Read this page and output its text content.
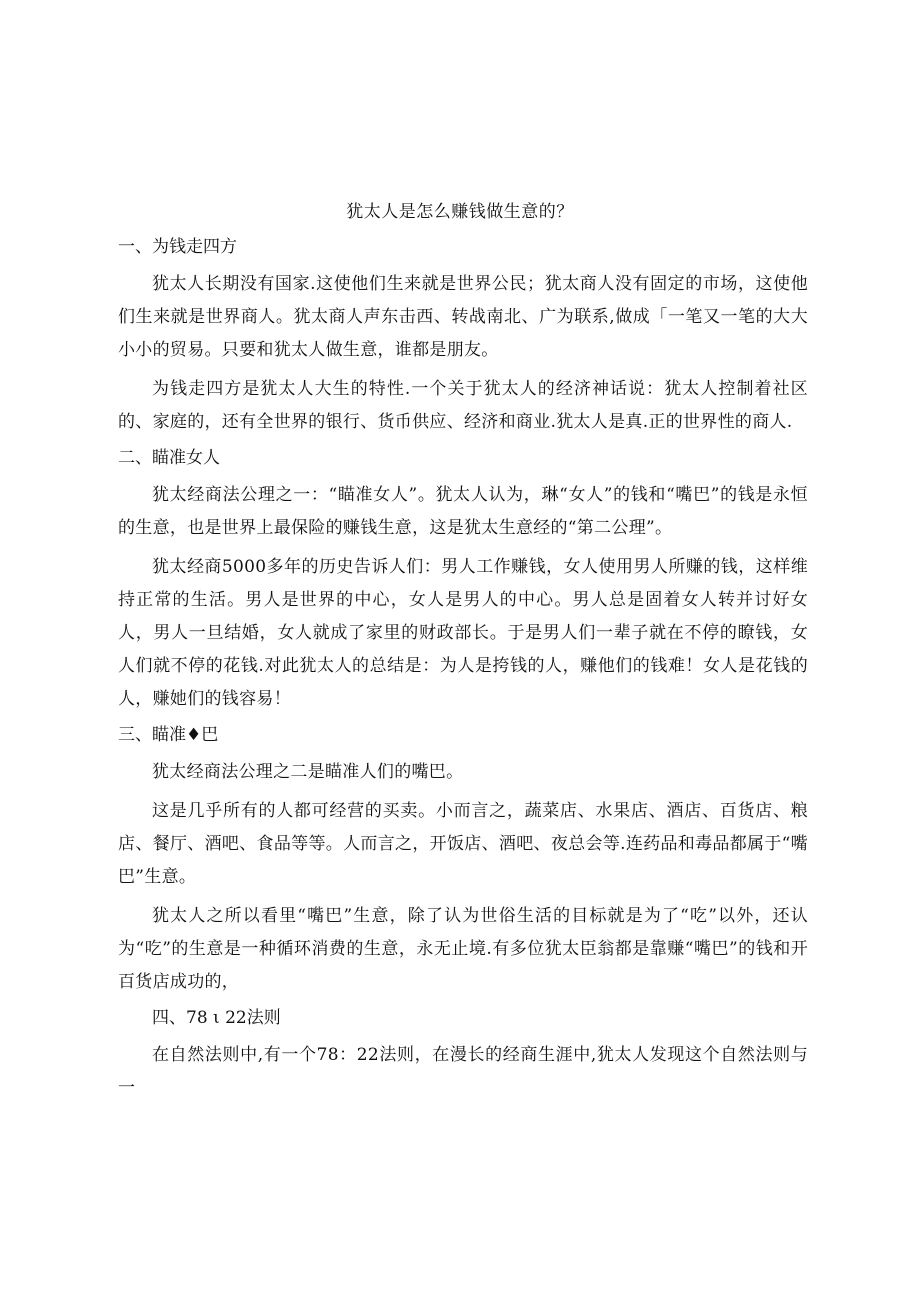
犹太人是怎么赚钱做生意的？
一、为钱走四方

犹太人长期没有国家.这使他们生来就是世界公民；犹太商人没有固定的市场，这使他们生来就是世界商人。犹太商人声东击西、转战南北、广为联系,做成「一笔又一笔的大大小小的贸易。只要和犹太人做生意，谁都是朋友。

为钱走四方是犹太人大生的特性.一个关于犹太人的经济神话说：犹太人控制着社区的、家庭的，还有全世界的银行、货币供应、经济和商业.犹太人是真.正的世界性的商人.

二、瞄准女人

犹太经商法公理之一：“瞄准女人”。犹太人认为，琳“女人”的钱和“嘴巴”的钱是永恒的生意，也是世界上最保险的赚钱生意，这是犹太生意经的“第二公理”。

犹太经商5000多年的历史告诉人们：男人工作赚钱，女人使用男人所赚的钱，这样维持正常的生活。男人是世界的中心，女人是男人的中心。男人总是固着女人转并讨好女人，男人一旦结婚，女人就成了家里的财政部长。于是男人们一辈子就在不停的瞭钱，女人们就不停的花钱.对此犹太人的总结是：为人是挎钱的人，赚他们的钱难！女人是花钱的人，赚她们的钱容易！

三、瞄准♦巴

犹太经商法公理之二是瞄准人们的嘴巴。

这是几乎所有的人都可经营的买卖。小而言之，蔬菜店、水果店、酒店、百货店、粮店、餐厅、酒吧、食品等等。人而言之，开饭店、酒吧、夜总会等.连药品和毒品都属于“嘴巴”生意。

犹太人之所以看里“嘴巴”生意，除了认为世俗生活的目标就是为了“吃”以外，还认为“吃”的生意是一种循环消费的生意，永无止境.有多位犹太臣翁都是靠赚“嘴巴”的钱和开百货店成功的，

四、78 ι 22法则

在自然法则中,有一个78：22法则，在漫长的经商生涯中,犹太人发现这个自然法则与一
